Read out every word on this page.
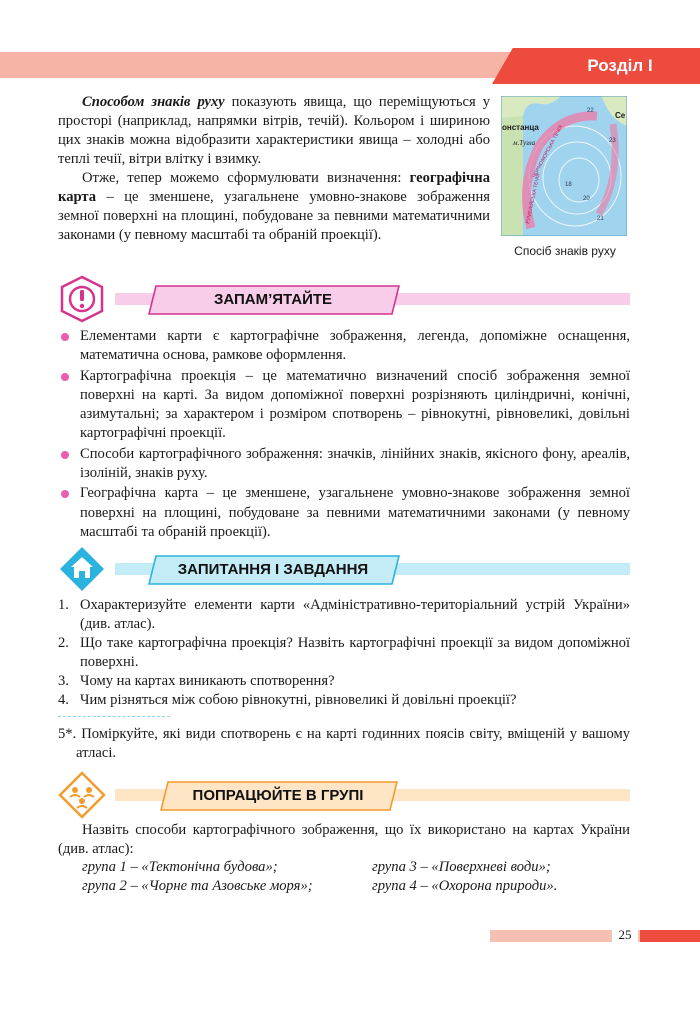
Розділ I

Способом знаків руху показують явища, що переміщуються у просторі (наприклад, напрямки вітрів, течій). Кольором і шириною цих знаків можна відобразити характеристики явища – холодні або теплі течії, вітри влітку і взимку.

Отже, тепер можемо сформулювати визначення: географічна карта – це зменшене, узагальнене умовно-знакове зображення земної поверхні на площині, побудоване за певними математичними законами (у певному масштабі та обраній проекції).

онстанца
м.Тузла
Се
ЧОРНОМОРСЬКА ТЕЧІЯ
РУМЕЛІЙСЬКА ТЕЧІЯ
22
23
18
20
21
Спосіб знаків руху
ЗАПАМ’ЯТАЙТЕ
Елементами карти є картографічне зображення, легенда, допоміжне оснащення, математична основа, рамкове оформлення.
Картографічна проекція – це математично визначений спосіб зображення земної поверхні на карті. За видом допоміжної поверхні розрізняють циліндричні, конічні, азимутальні; за характером і розміром спотворень – рівнокутні, рівновеликі, довільні картографічні проекції.
Способи картографічного зображення: значків, лінійних знаків, якісного фону, ареалів, ізоліній, знаків руху.
Географічна карта – це зменшене, узагальнене умовно-знакове зображення земної поверхні на площині, побудоване за певними математичними законами (у певному масштабі та обраній проекції).
ЗАПИТАННЯ І ЗАВДАННЯ
1. Охарактеризуйте елементи карти «Адміністративно-територіальний устрій України» (див. атлас).
2. Що таке картографічна проекція? Назвіть картографічні проекції за видом допоміжної поверхні.
3. Чому на картах виникають спотворення?
4. Чим різняться між собою рівнокутні, рівновеликі й довільні проекції?
5*. Поміркуйте, які види спотворень є на карті годинних поясів світу, вміщеній у вашому атласі.
ПОПРАЦЮЙТЕ В ГРУПІ
Назвіть способи картографічного зображення, що їх використано на картах України (див. атлас):
група 1 – «Тектонічна будова»;	група 3 – «Поверхневі води»;
група 2 – «Чорне та Азовське моря»;	група 4 – «Охорона природи».
25
